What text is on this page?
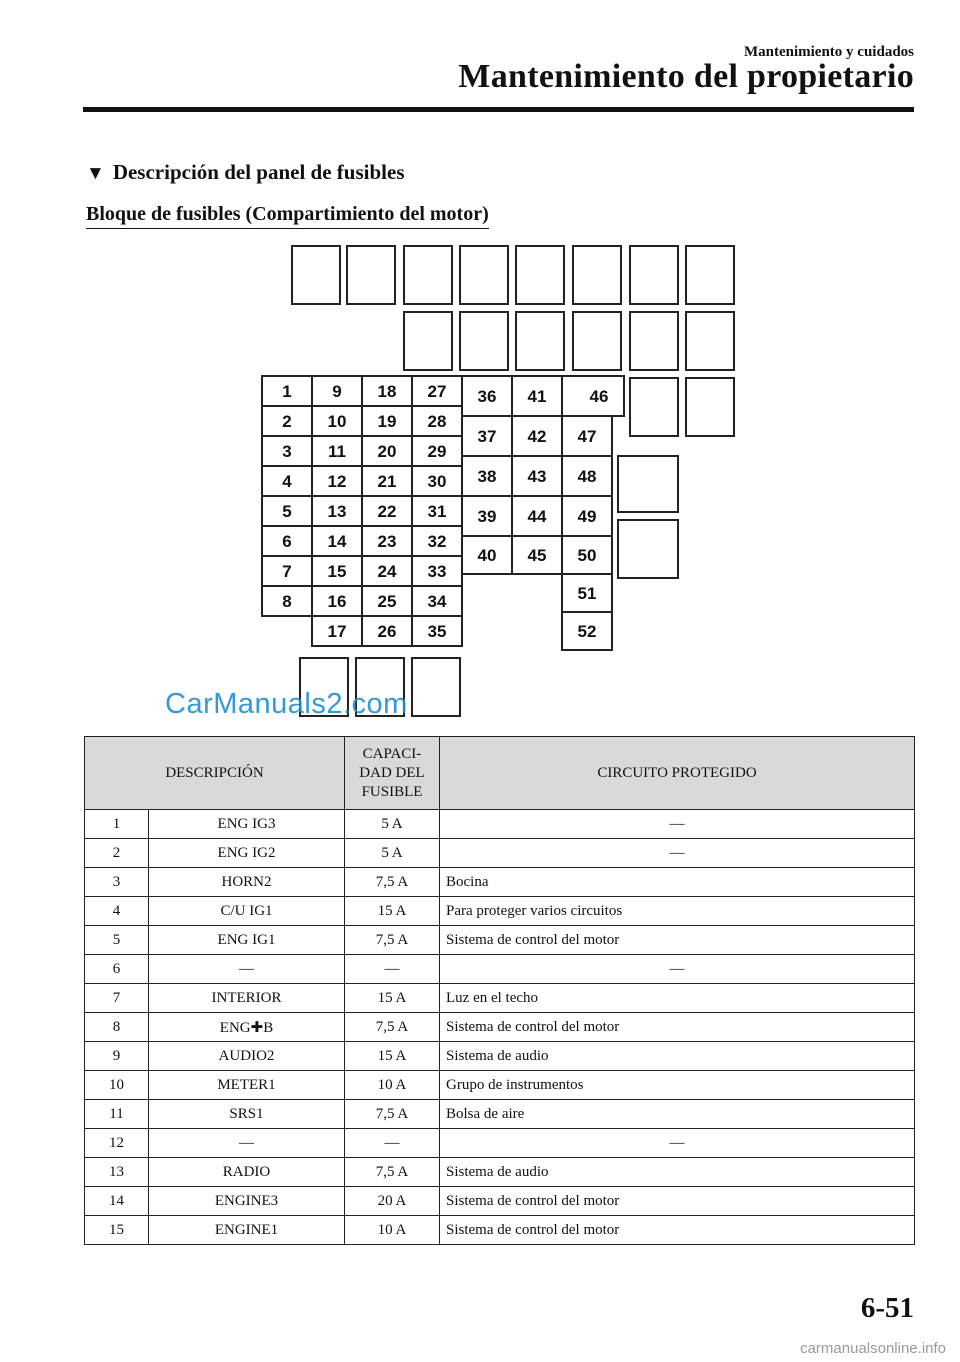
Mantenimiento y cuidados
Mantenimiento del propietario
▼ Descripción del panel de fusibles
Bloque de fusibles (Compartimiento del motor)
1
2
3
4
5
6
7
8
9
10
11
12
13
14
15
16
17
18
19
20
21
22
23
24
25
26
27
28
29
30
31
32
33
34
35
36
37
38
39
40
41
42
43
44
45
46
47
48
49
50
51
52
CarManuals2.com
DESCRIPCIÓN		CAPACI-
DAD DEL
FUSIBLE	CIRCUITO PROTEGIDO
1	ENG IG3	5 A	—
2	ENG IG2	5 A	—
3	HORN2	7,5 A	Bocina
4	C/U IG1	15 A	Para proteger varios circuitos
5	ENG IG1	7,5 A	Sistema de control del motor
6	—	—	—
7	INTERIOR	15 A	Luz en el techo
8	ENG✚B	7,5 A	Sistema de control del motor
9	AUDIO2	15 A	Sistema de audio
10	METER1	10 A	Grupo de instrumentos
11	SRS1	7,5 A	Bolsa de aire
12	—	—	—
13	RADIO	7,5 A	Sistema de audio
14	ENGINE3	20 A	Sistema de control del motor
15	ENGINE1	10 A	Sistema de control del motor
6-51
carmanualsonline.info
